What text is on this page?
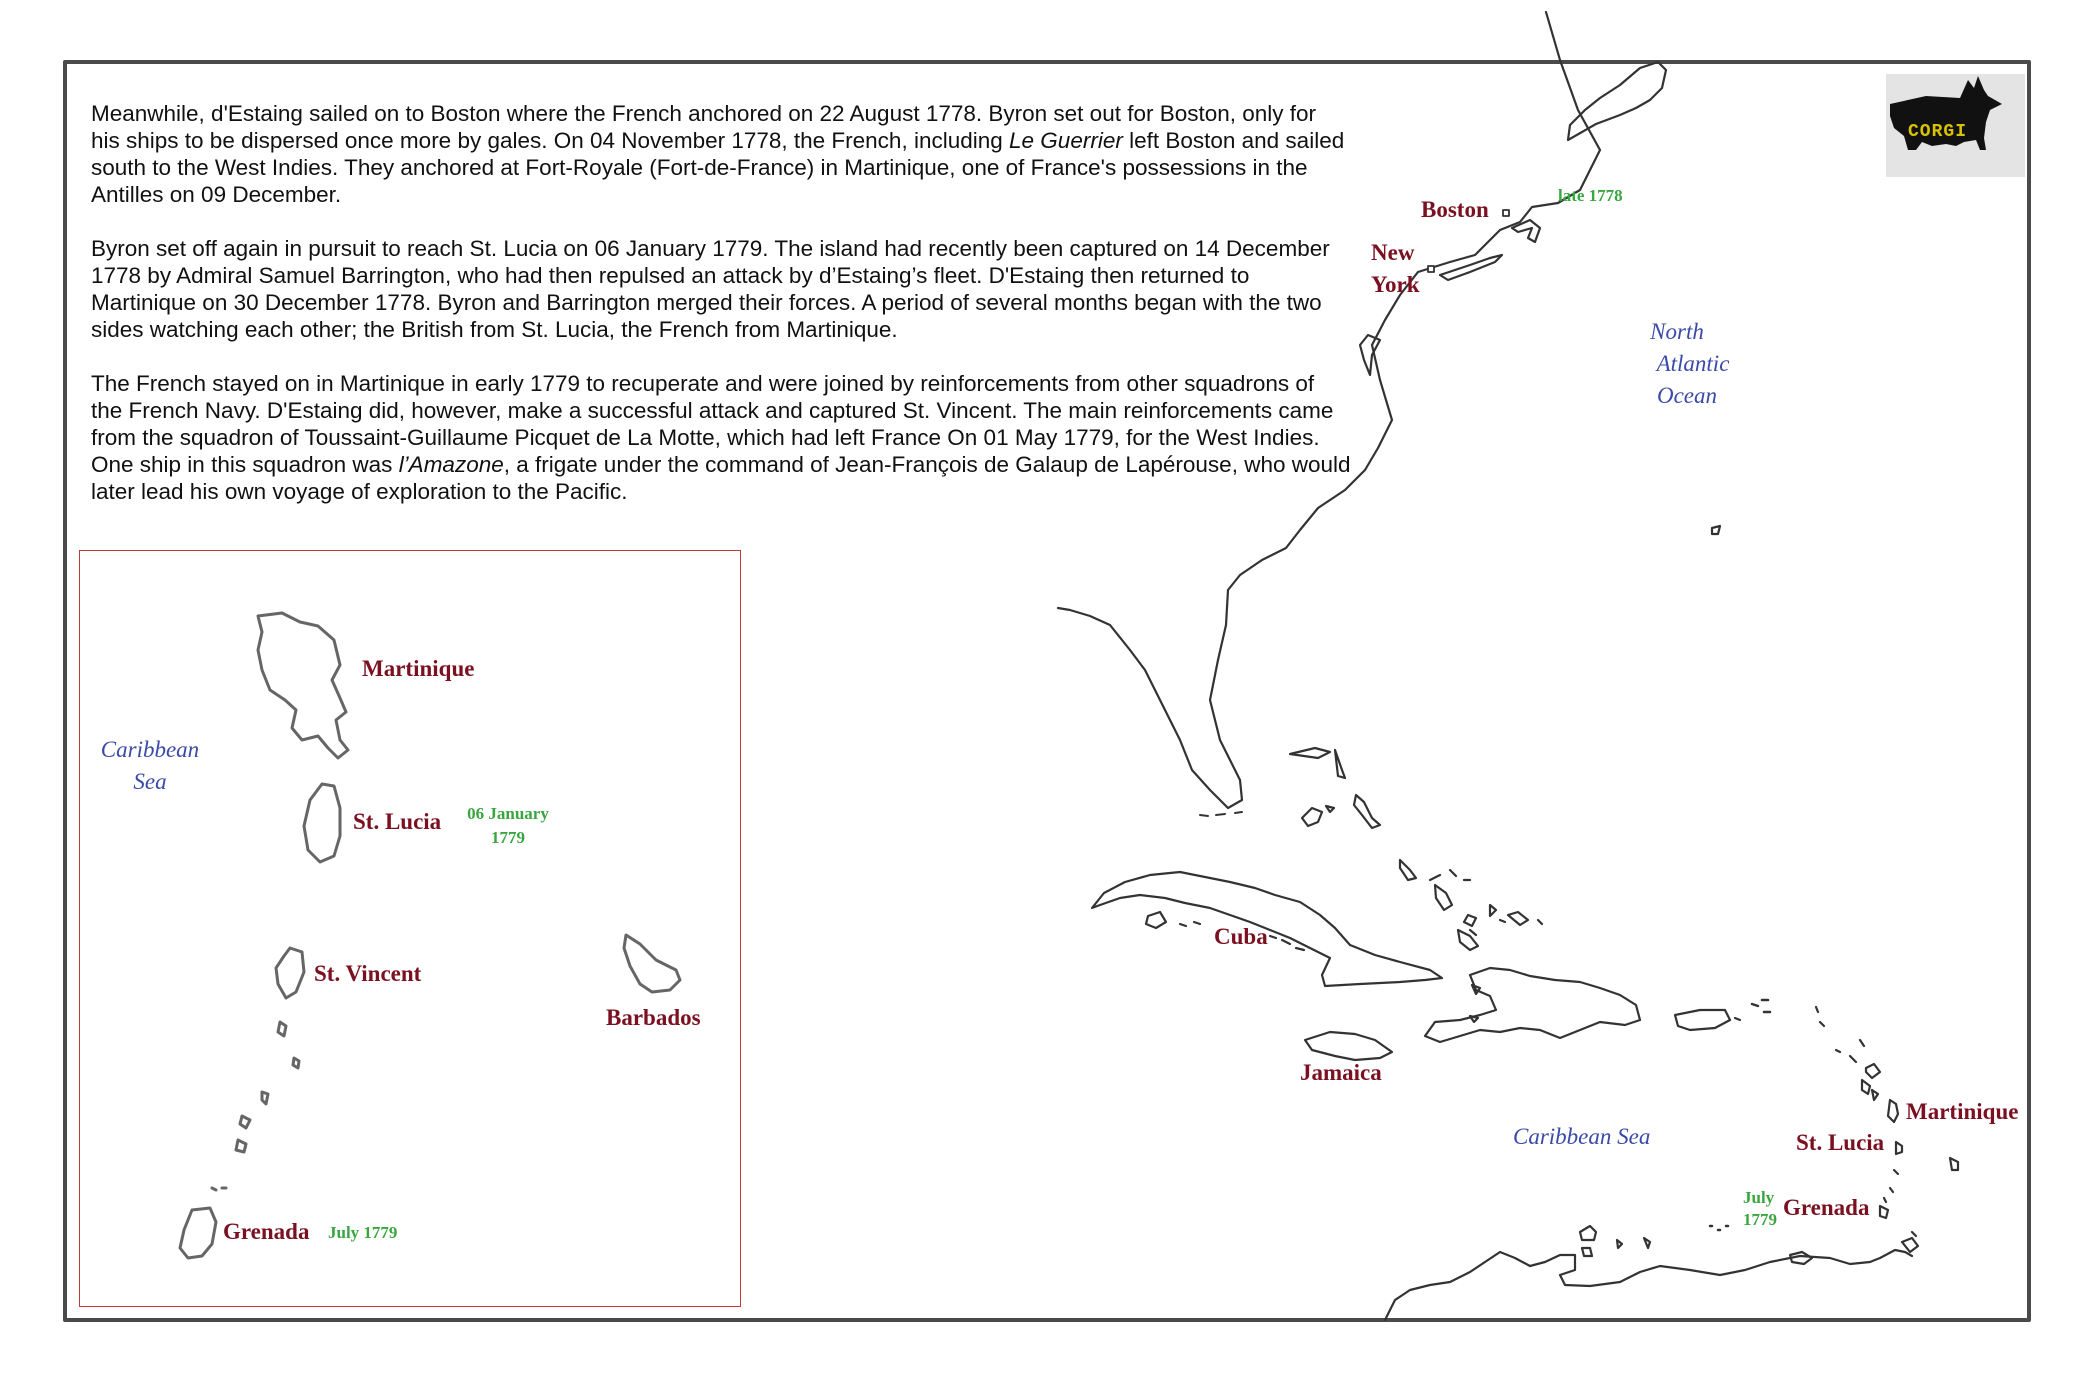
Meanwhile, d'Estaing sailed on to Boston where the French anchored on 22 August 1778. Byron set out for Boston, only for his ships to be dispersed once more by gales. On 04 November 1778, the French, including Le Guerrier left Boston and sailed south to the West Indies. They anchored at Fort-Royale (Fort-de-France) in Martinique, one of France's possessions in the Antilles on 09 December.

Byron set off again in pursuit to reach St. Lucia on 06 January 1779. The island had recently been captured on 14 December 1778 by Admiral Samuel Barrington, who had then repulsed an attack by d’Estaing’s fleet. D'Estaing then returned to Martinique on 30 December 1778. Byron and Barrington merged their forces. A period of several months began with the two sides watching each other; the British from St. Lucia, the French from Martinique.

The French stayed on in Martinique in early 1779 to recuperate and were joined by reinforcements from other squadrons of the French Navy. D'Estaing did, however, make a successful attack and captured St. Vincent. The main reinforcements came from the squadron of Toussaint-Guillaume Picquet de La Motte, which had left France On 01 May 1779, for the West Indies. One ship in this squadron was l’Amazone, a frigate under the command of Jean-François de Galaup de Lapérouse, who would later lead his own voyage of exploration to the Pacific.

Boston
late 1778
New
York
North
Atlantic
Ocean
Cuba
Jamaica
Caribbean Sea
Martinique
St. Lucia
Grenada
July
1779
Martinique
Caribbean
Sea
St. Lucia	06 January
1779
St. Vincent
Barbados
Grenada July 1779
CORGI
